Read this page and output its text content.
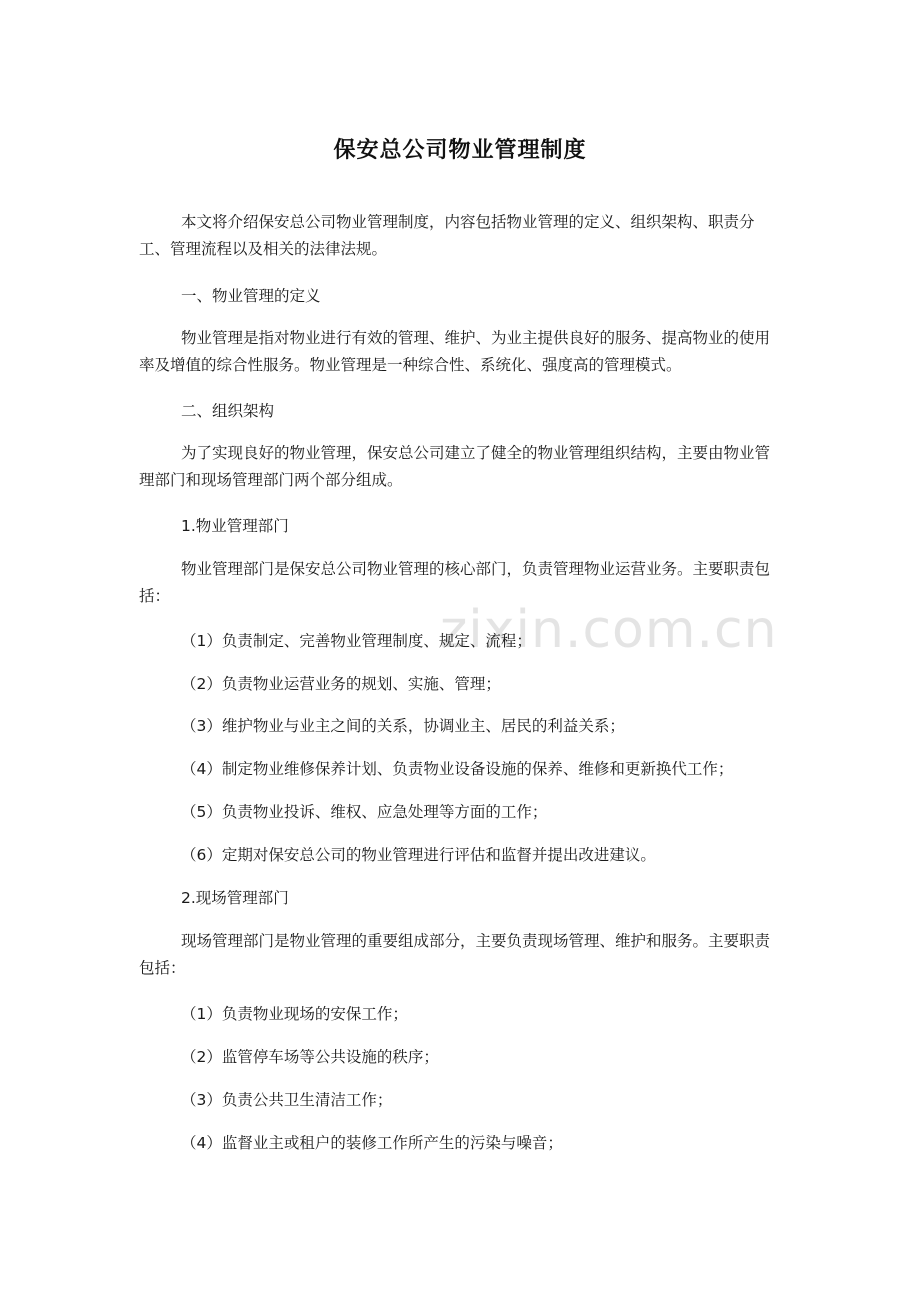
zixin.com.cn
保安总公司物业管理制度

本文将介绍保安总公司物业管理制度，内容包括物业管理的定义、组织架构、职责分工、管理流程以及相关的法律法规。

一、物业管理的定义

物业管理是指对物业进行有效的管理、维护、为业主提供良好的服务、提高物业的使用率及增值的综合性服务。物业管理是一种综合性、系统化、强度高的管理模式。

二、组织架构

为了实现良好的物业管理，保安总公司建立了健全的物业管理组织结构，主要由物业管理部门和现场管理部门两个部分组成。

1.物业管理部门

物业管理部门是保安总公司物业管理的核心部门，负责管理物业运营业务。主要职责包括：

（1）负责制定、完善物业管理制度、规定、流程；

（2）负责物业运营业务的规划、实施、管理；

（3）维护物业与业主之间的关系，协调业主、居民的利益关系；

（4）制定物业维修保养计划、负责物业设备设施的保养、维修和更新换代工作；

（5）负责物业投诉、维权、应急处理等方面的工作；

（6）定期对保安总公司的物业管理进行评估和监督并提出改进建议。

2.现场管理部门

现场管理部门是物业管理的重要组成部分，主要负责现场管理、维护和服务。主要职责包括：

（1）负责物业现场的安保工作；

（2）监管停车场等公共设施的秩序；

（3）负责公共卫生清洁工作；

（4）监督业主或租户的装修工作所产生的污染与噪音；
